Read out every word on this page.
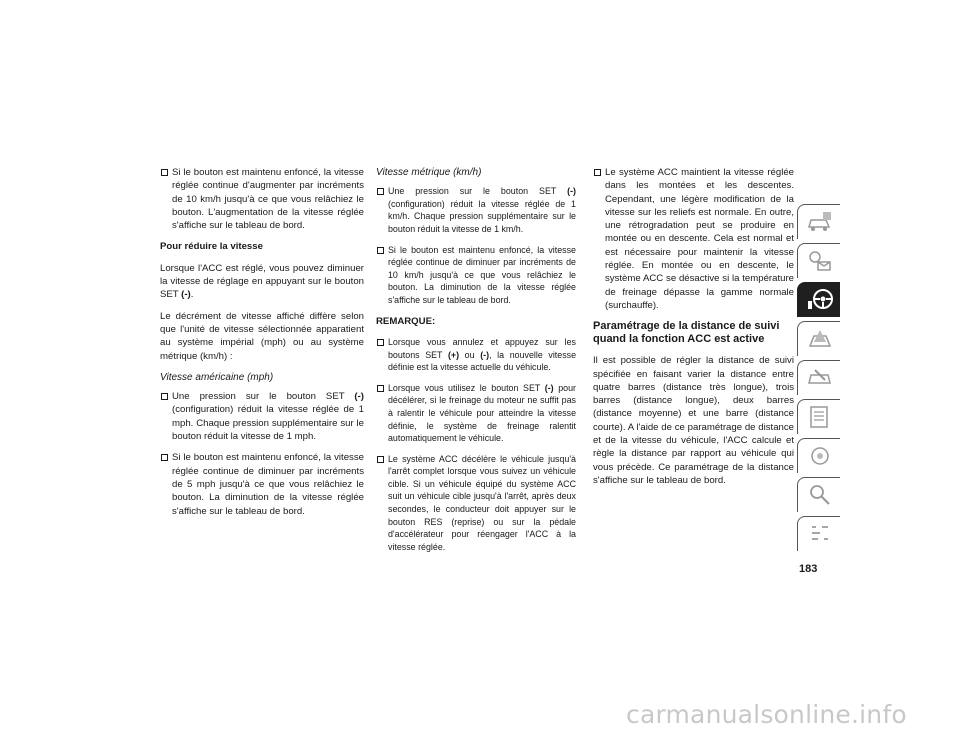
Si le bouton est maintenu enfoncé, la vitesse réglée continue d'augmenter par incréments de 10 km/h jusqu'à ce que vous relâchiez le bouton. L'augmentation de la vitesse réglée s'affiche sur le tableau de bord.
Pour réduire la vitesse

Lorsque l'ACC est réglé, vous pouvez diminuer la vitesse de réglage en appuyant sur le bouton SET (-).

Le décrément de vitesse affiché diffère selon que l'unité de vitesse sélectionnée apparatient au système impérial (mph) ou au système métrique (km/h) :

Vitesse américaine (mph)
Une pression sur le bouton SET (-) (configuration) réduit la vitesse réglée de 1 mph. Chaque pression supplémentaire sur le bouton réduit la vitesse de 1 mph.
Si le bouton est maintenu enfoncé, la vitesse réglée continue de diminuer par incréments de 5 mph jusqu'à ce que vous relâchiez le bouton. La diminution de la vitesse réglée s'affiche sur le tableau de bord.
Vitesse métrique (km/h)
Une pression sur le bouton SET (-) (configuration) réduit la vitesse réglée de 1 km/h. Chaque pression supplémentaire sur le bouton réduit la vitesse de 1 km/h.
Si le bouton est maintenu enfoncé, la vitesse réglée continue de diminuer par incréments de 10 km/h jusqu'à ce que vous relâchiez le bouton. La diminution de la vitesse réglée s'affiche sur le tableau de bord.
REMARQUE:
Lorsque vous annulez et appuyez sur les boutons SET (+) ou (-), la nouvelle vitesse définie est la vitesse actuelle du véhicule.
Lorsque vous utilisez le bouton SET (-) pour décélérer, si le freinage du moteur ne suffit pas à ralentir le véhicule pour atteindre la vitesse définie, le système de freinage ralentit automatiquement le véhicule.
Le système ACC décélère le véhicule jusqu'à l'arrêt complet lorsque vous suivez un véhicule cible. Si un véhicule équipé du système ACC suit un véhicule cible jusqu'à l'arrêt, après deux secondes, le conducteur doit appuyer sur le bouton RES (reprise) ou sur la pédale d'accélérateur pour réengager l'ACC à la vitesse réglée.
Le système ACC maintient la vitesse réglée dans les montées et les descentes. Cependant, une légère modification de la vitesse sur les reliefs est normale. En outre, une rétrogradation peut se produire en montée ou en descente. Cela est normal et est nécessaire pour maintenir la vitesse réglée. En montée ou en descente, le système ACC se désactive si la température de freinage dépasse la gamme normale (surchauffe).
Paramétrage de la distance de suivi quand la fonction ACC est active

Il est possible de régler la distance de suivi spécifiée en faisant varier la distance entre quatre barres (distance très longue), trois barres (distance longue), deux barres (distance moyenne) et une barre (distance courte). A l'aide de ce paramétrage de distance et de la vitesse du véhicule, l'ACC calcule et règle la distance par rapport au véhicule qui vous précède. Ce paramétrage de la distance s'affiche sur le tableau de bord.

183
carmanualsonline.info
